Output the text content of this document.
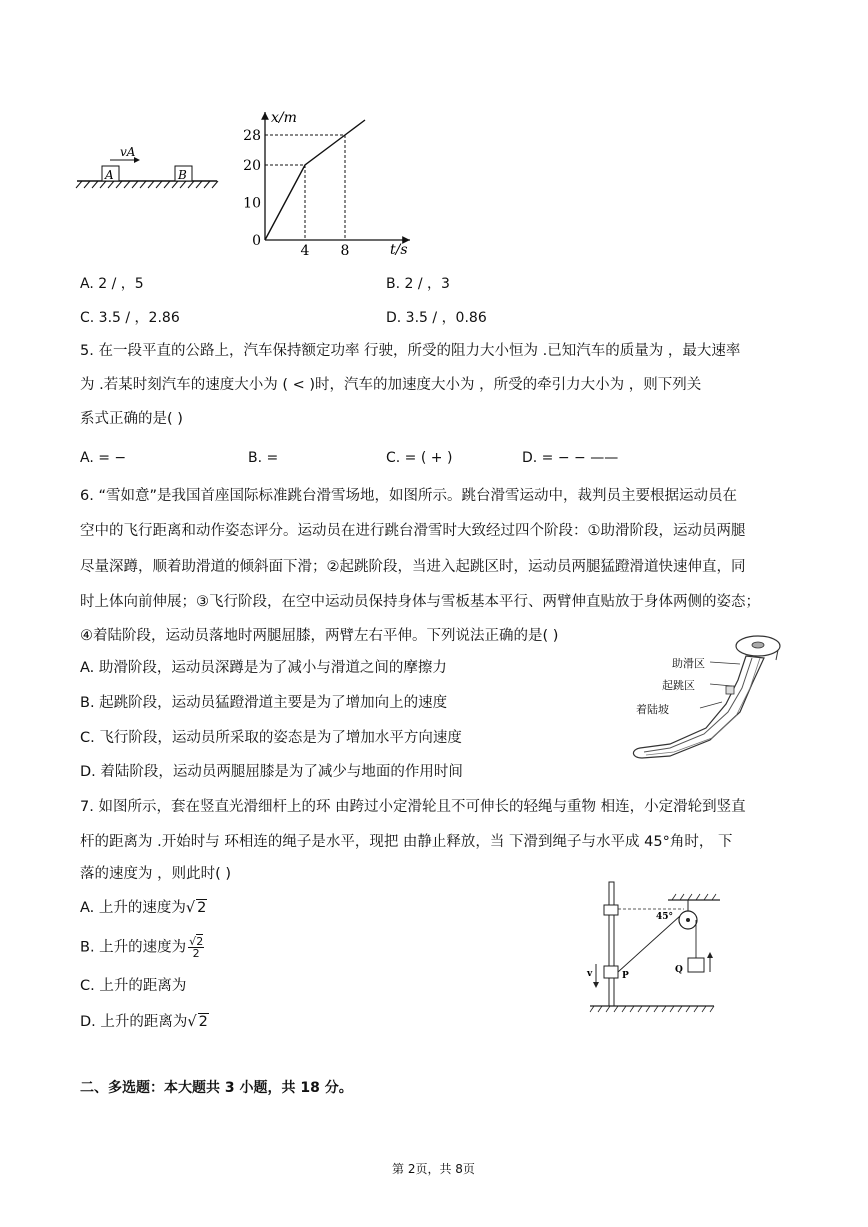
A	B
vA
0
10
20
28
4 8
x/m
t/s
A. 2 / ，5	B. 2 / ，3
C. 3.5 / ，2.86	D. 3.5 / ，0.86
5. 在一段平直的公路上，汽车保持额定功率 行驶，所受的阻力大小恒为 .已知汽车的质量为 ，最大速率
为 .若某时刻汽车的速度大小为 ( < )时，汽车的加速度大小为 ，所受的牵引力大小为 ，则下列关
系式正确的是( )
A. = −	B. =	C. = ( + )	D. = − − ——
6. “雪如意”是我国首座国际标准跳台滑雪场地，如图所示。跳台滑雪运动中，裁判员主要根据运动员在
空中的飞行距离和动作姿态评分。运动员在进行跳台滑雪时大致经过四个阶段：①助滑阶段，运动员两腿
尽量深蹲，顺着助滑道的倾斜面下滑；②起跳阶段，当进入起跳区时，运动员两腿猛蹬滑道快速伸直，同
时上体向前伸展；③飞行阶段，在空中运动员保持身体与雪板基本平行、两臂伸直贴放于身体两侧的姿态；
④着陆阶段，运动员落地时两腿屈膝，两臂左右平伸。下列说法正确的是( )
A. 助滑阶段，运动员深蹲是为了减小与滑道之间的摩擦力
B. 起跳阶段，运动员猛蹬滑道主要是为了增加向上的速度
C. 飞行阶段，运动员所采取的姿态是为了增加水平方向速度
D. 着陆阶段，运动员两腿屈膝是为了减少与地面的作用时间
助滑区
起跳区
着陆坡
7. 如图所示，套在竖直光滑细杆上的环 由跨过小定滑轮且不可伸长的轻绳与重物 相连，小定滑轮到竖直
杆的距离为 .开始时与 环相连的绳子是水平，现把 由静止释放，当 下滑到绳子与水平成 45°角时， 下
落的速度为 ，则此时( )
A. 上升的速度为√ 2
B. 上升的速度为 $\frac{√2}{2}$
C. 上升的距离为
D. 上升的距离为√ 2
45°
P
v	Q
二、多选题：本大题共 3 小题，共 18 分。
第 2页，共 8页
